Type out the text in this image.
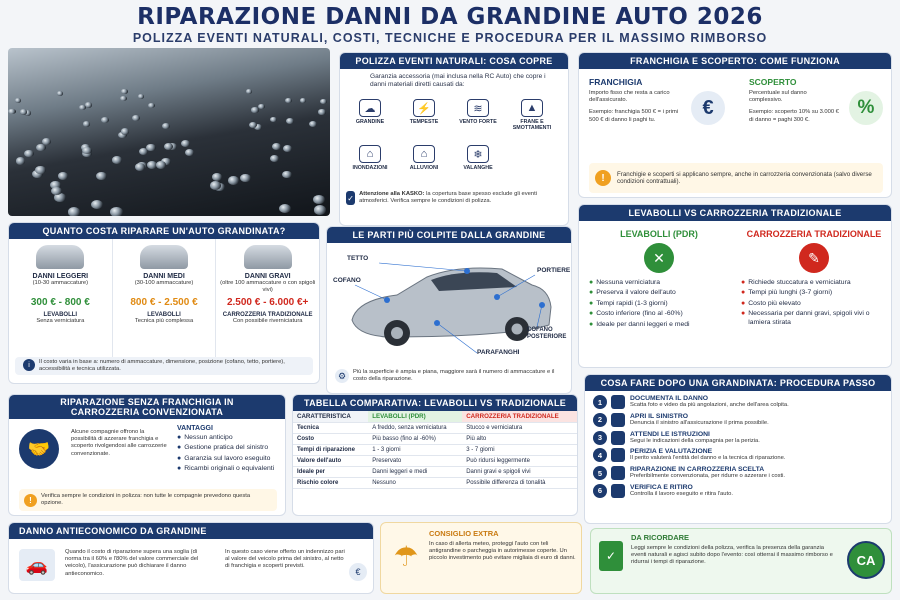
RIPARAZIONE DANNI DA GRANDINE AUTO 2026
POLIZZA EVENTI NATURALI, COSTI, TECNICHE E PROCEDURA PER IL MASSIMO RIMBORSO
POLIZZA EVENTI NATURALI: COSA COPRE
Garanzia accessoria (mai inclusa nella RC Auto) che copre i danni materiali diretti causati da:
☁
GRANDINE
⚡
TEMPESTE
≋
VENTO FORTE
▲
FRANE E SMOTTAMENTI
⌂
INONDAZIONI
⌂
ALLUVIONI
❄
VALANGHE
✓ Attenzione alla KASKO: la copertura base spesso esclude gli eventi atmosferici. Verifica sempre le condizioni di polizza.
FRANCHIGIA E SCOPERTO: COME FUNZIONA
FRANCHIGIA
Importo fisso che resta a carico dell'assicurato.
Esempio: franchigia 500 € = i primi 500 € di danno li paghi tu.
€
SCOPERTO
Percentuale sul danno complessivo.
Esempio: scoperto 10% su 3.000 € di danno = paghi 300 €.
%
!	Franchigie e scoperti si applicano sempre, anche in carrozzeria convenzionata (salvo diverse condizioni contrattuali).
QUANTO COSTA RIPARARE UN'AUTO GRANDINATA?
DANNI LEGGERI
(10-30 ammaccature)
300 € - 800 €
LEVABOLLI
Senza verniciatura
DANNI MEDI
(30-100 ammaccature)
800 € - 2.500 €
LEVABOLLI
Tecnica più complessa
DANNI GRAVI
(oltre 100 ammaccature o con spigoli vivi)
2.500 € - 6.000 €+
CARROZZERIA TRADIZIONALE
Con possibile riverniciatura
i	Il costo varia in base a: numero di ammaccature, dimensione, posizione (cofano, tetto, portiere), accessibilità e tecnica utilizzata.
LE PARTI PIÙ COLPITE DALLA GRANDINE
TETTO
COFANO
PORTIERE
COFANO POSTERIORE
PARAFANGHI
⚙	Più la superficie è ampia e piana, maggiore sarà il numero di ammaccature e il costo della riparazione.
LEVABOLLI VS CARROZZERIA TRADIZIONALE
LEVABOLLI (PDR)
✕
● Nessuna verniciatura
● Preserva il valore dell'auto
● Tempi rapidi (1-3 giorni)
● Costo inferiore (fino al -60%)
● Ideale per danni leggeri e medi
CARROZZERIA TRADIZIONALE
✎
● Richiede stuccatura e verniciatura
● Tempi più lunghi (3-7 giorni)
● Costo più elevato
● Necessaria per danni gravi, spigoli vivi o lamiera stirata
RIPARAZIONE SENZA FRANCHIGIA IN CARROZZERIA CONVENZIONATA
🤝
Alcune compagnie offrono la possibilità di azzerare franchigia e scoperto rivolgendosi alle carrozzerie convenzionate.
VANTAGGI
● Nessun anticipo
● Gestione pratica del sinistro
● Garanzia sul lavoro eseguito
● Ricambi originali o equivalenti
!	Verifica sempre le condizioni in polizza: non tutte le compagnie prevedono questa opzione.
TABELLA COMPARATIVA: LEVABOLLI VS TRADIZIONALE
CARATTERISTICA	LEVABOLLI (PDR)	CARROZZERIA TRADIZIONALE
Tecnica	A freddo, senza verniciatura	Stucco e verniciatura
Costo	Più basso (fino al -60%)	Più alto
Tempi di riparazione	1 - 3 giorni	3 - 7 giorni
Valore dell'auto	Preservato	Può ridursi leggermente
Ideale per	Danni leggeri e medi	Danni gravi e spigoli vivi
Rischio colore	Nessuno	Possibile differenza di tonalità
COSA FARE DOPO UNA GRANDINATA: PROCEDURA PASSO PASSO
1	DOCUMENTA IL DANNO
Scatta foto e video da più angolazioni, anche dell'area colpita.
2	APRI IL SINISTRO
Denuncia il sinistro all'assicurazione il prima possibile.
3	ATTENDI LE ISTRUZIONI
Segui le indicazioni della compagnia per la perizia.
4	PERIZIA E VALUTAZIONE
Il perito valuterà l'entità del danno e la tecnica di riparazione.
5	RIPARAZIONE IN CARROZZERIA SCELTA
Preferibilmente convenzionata, per ridurre o azzerare i costi.
6	VERIFICA E RITIRO
Controlla il lavoro eseguito e ritira l'auto.
DANNO ANTIECONOMICO DA GRANDINE
🚗
Quando il costo di riparazione supera una soglia (di norma tra il 60% e l'80% del valore commerciale del veicolo), l'assicurazione può dichiarare il danno antieconomico.
In questo caso viene offerto un indennizzo pari al valore del veicolo prima del sinistro, al netto di franchigia e scoperti previsti.
€
☂
CONSIGLIO EXTRA
In caso di allerta meteo, proteggi l'auto con teli antigrandine o parcheggia in autorimesse coperte. Un piccolo investimento può evitare migliaia di euro di danni.	✓
DA RICORDARE
Leggi sempre le condizioni della polizza, verifica la presenza della garanzia eventi naturali e agisci subito dopo l'evento: così otterrai il massimo rimborso e ridurrai i tempi di riparazione.	CA
